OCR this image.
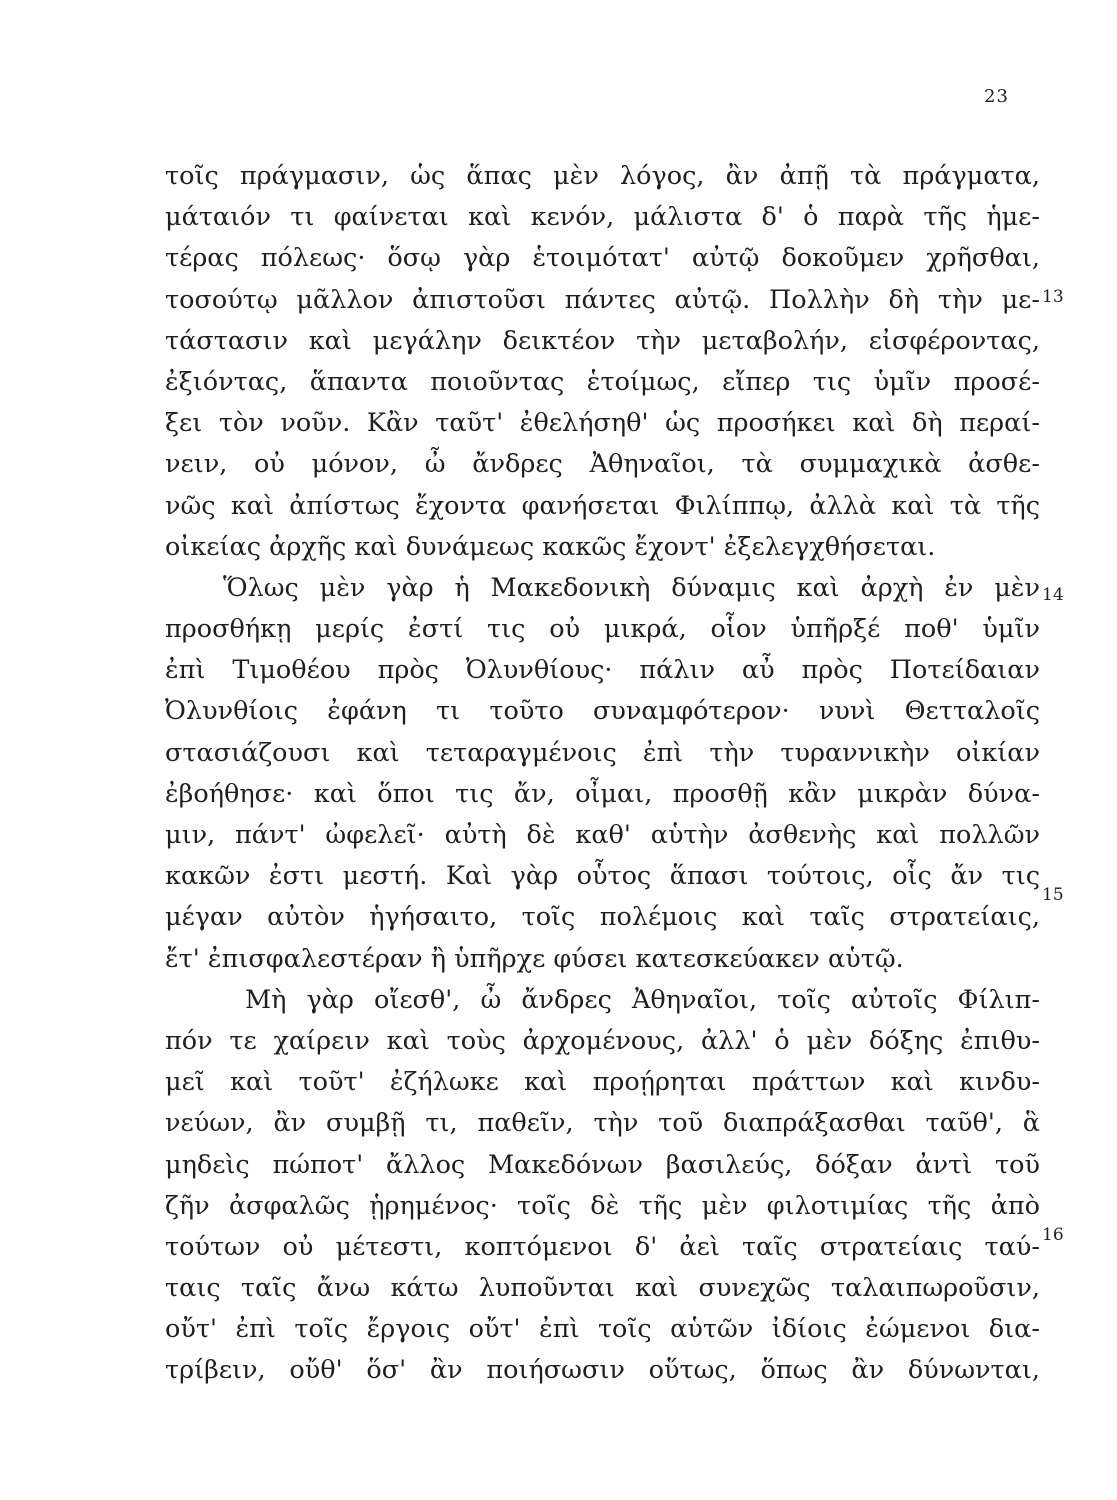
23
τοῖς πράγμασιν, ὡς ἅπας μὲν λόγος, ἂν ἀπῇ τὰ πράγματα,
μάταιόν τι φαίνεται καὶ κενόν, μάλιστα δ' ὁ παρὰ τῆς ἡμε-
τέρας πόλεως· ὅσῳ γὰρ ἑτοιμότατ' αὐτῷ δοκοῦμεν χρῆσθαι,
τοσούτῳ μᾶλλον ἀπιστοῦσι πάντες αὐτῷ. Πολλὴν δὴ τὴν με-
τάστασιν καὶ μεγάλην δεικτέον τὴν μεταβολήν, εἰσφέροντας,
ἐξιόντας, ἅπαντα ποιοῦντας ἑτοίμως, εἴπερ τις ὑμῖν προσέ-
ξει τὸν νοῦν. Κἂν ταῦτ' ἐθελήσηθ' ὡς προσήκει καὶ δὴ περαί-
νειν, οὐ μόνον, ὦ ἄνδρες Ἀθηναῖοι, τὰ συμμαχικὰ ἀσθε-
νῶς καὶ ἀπίστως ἔχοντα φανήσεται Φιλίππῳ, ἀλλὰ καὶ τὰ τῆς
οἰκείας ἀρχῆς καὶ δυνάμεως κακῶς ἔχοντ' ἐξελεγχθήσεται.
Ὅλως μὲν γὰρ ἡ Μακεδονικὴ δύναμις καὶ ἀρχὴ ἐν μὲν
προσθήκῃ μερίς ἐστί τις οὐ μικρά, οἷον ὑπῆρξέ ποθ' ὑμῖν
ἐπὶ Τιμοθέου πρὸς Ὀλυνθίους· πάλιν αὖ πρὸς Ποτείδαιαν
Ὀλυνθίοις ἐφάνη τι τοῦτο συναμφότερον· νυνὶ Θετταλοῖς
στασιάζουσι καὶ τεταραγμένοις ἐπὶ τὴν τυραννικὴν οἰκίαν
ἐβοήθησε· καὶ ὅποι τις ἄν, οἶμαι, προσθῇ κἂν μικρὰν δύνα-
μιν, πάντ' ὠφελεῖ· αὐτὴ δὲ καθ' αὑτὴν ἀσθενὴς καὶ πολλῶν
κακῶν ἐστι μεστή. Καὶ γὰρ οὗτος ἅπασι τούτοις, οἷς ἄν τις
μέγαν αὐτὸν ἡγήσαιτο, τοῖς πολέμοις καὶ ταῖς στρατείαις,
ἔτ' ἐπισφαλεστέραν ἢ ὑπῆρχε φύσει κατεσκεύακεν αὑτῷ.
Μὴ γὰρ οἴεσθ', ὦ ἄνδρες Ἀθηναῖοι, τοῖς αὐτοῖς Φίλιπ-
πόν τε χαίρειν καὶ τοὺς ἀρχομένους, ἀλλ' ὁ μὲν δόξης ἐπιθυ-
μεῖ καὶ τοῦτ' ἐζήλωκε καὶ προῄρηται πράττων καὶ κινδυ-
νεύων, ἂν συμβῇ τι, παθεῖν, τὴν τοῦ διαπράξασθαι ταῦθ', ἃ
μηδεὶς πώποτ' ἄλλος Μακεδόνων βασιλεύς, δόξαν ἀντὶ τοῦ
ζῆν ἀσφαλῶς ᾑρημένος· τοῖς δὲ τῆς μὲν φιλοτιμίας τῆς ἀπὸ
τούτων οὐ μέτεστι, κοπτόμενοι δ' ἀεὶ ταῖς στρατείαις ταύ-
ταις ταῖς ἄνω κάτω λυποῦνται καὶ συνεχῶς ταλαιπωροῦσιν,
οὔτ' ἐπὶ τοῖς ἔργοις οὔτ' ἐπὶ τοῖς αὑτῶν ἰδίοις ἐώμενοι δια-
τρίβειν, οὔθ' ὅσ' ἂν ποιήσωσιν οὕτως, ὅπως ἂν δύνωνται,
13
14
15
16
